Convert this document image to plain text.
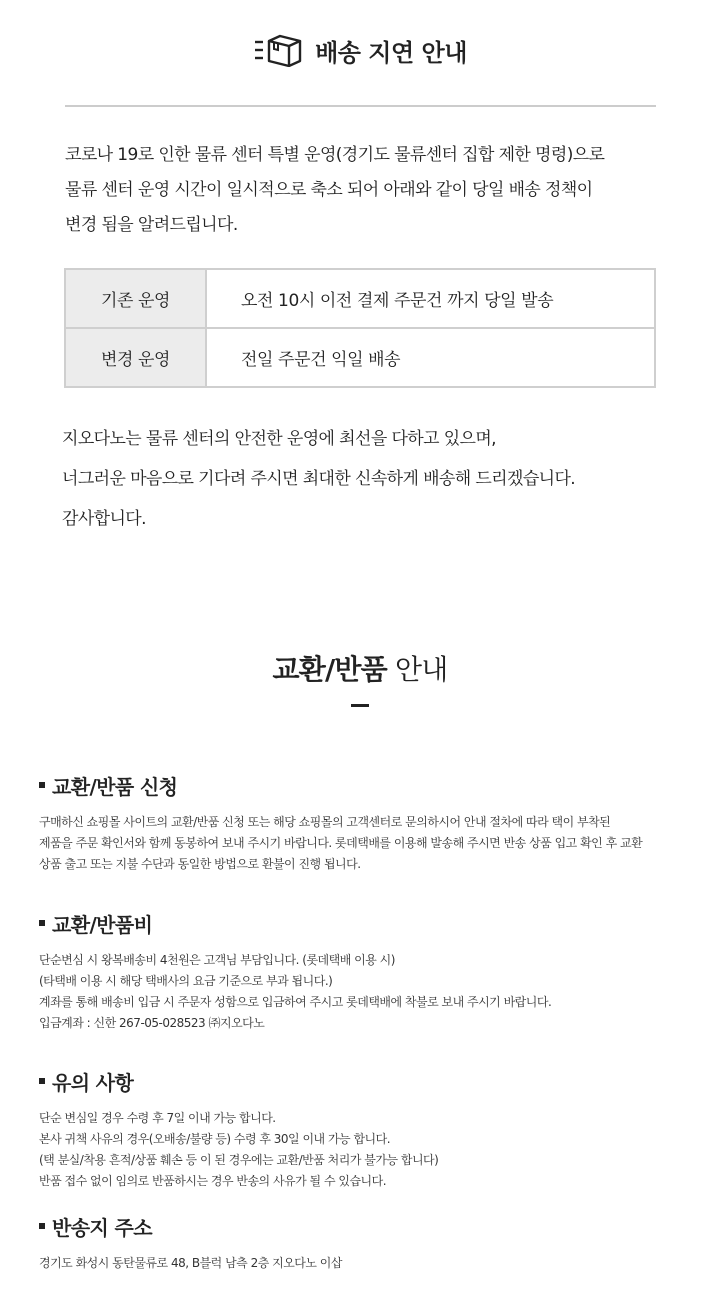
배송 지연 안내
코로나 19로 인한 물류 센터 특별 운영(경기도 물류센터 집합 제한 명령)으로
물류 센터 운영 시간이 일시적으로 축소 되어 아래와 같이 당일 배송 정책이
변경 됨을 알려드립니다.
기존 운영	오전 10시 이전 결제 주문건 까지 당일 발송
변경 운영	전일 주문건 익일 배송
지오다노는 물류 센터의 안전한 운영에 최선을 다하고 있으며,
너그러운 마음으로 기다려 주시면 최대한 신속하게 배송해 드리겠습니다.
감사합니다.
교환/반품 안내
교환/반품 신청
구매하신 쇼핑몰 사이트의 교환/반품 신청 또는 해당 쇼핑몰의 고객센터로 문의하시어 안내 절차에 따라 택이 부착된
제품을 주문 확인서와 함께 동봉하여 보내 주시기 바랍니다. 롯데택배를 이용해 발송해 주시면 반송 상품 입고 확인 후 교환
상품 출고 또는 지불 수단과 동일한 방법으로 환불이 진행 됩니다.
교환/반품비
단순변심 시 왕복배송비 4천원은 고객님 부담입니다. (롯데택배 이용 시)
(타택배 이용 시 해당 택배사의 요금 기준으로 부과 됩니다.)
계좌를 통해 배송비 입금 시 주문자 성함으로 입금하여 주시고 롯데택배에 착불로 보내 주시기 바랍니다.
입금계좌 : 신한 267-05-028523 ㈜지오다노
유의 사항
단순 변심일 경우 수령 후 7일 이내 가능 합니다.
본사 귀책 사유의 경우(오배송/불량 등) 수령 후 30일 이내 가능 합니다.
(택 분실/착용 흔적/상품 훼손 등 이 된 경우에는 교환/반품 처리가 불가능 합니다)
반품 접수 없이 임의로 반품하시는 경우 반송의 사유가 될 수 있습니다.
반송지 주소
경기도 화성시 동탄물류로 48, B블럭 남측 2층 지오다노 이삽
